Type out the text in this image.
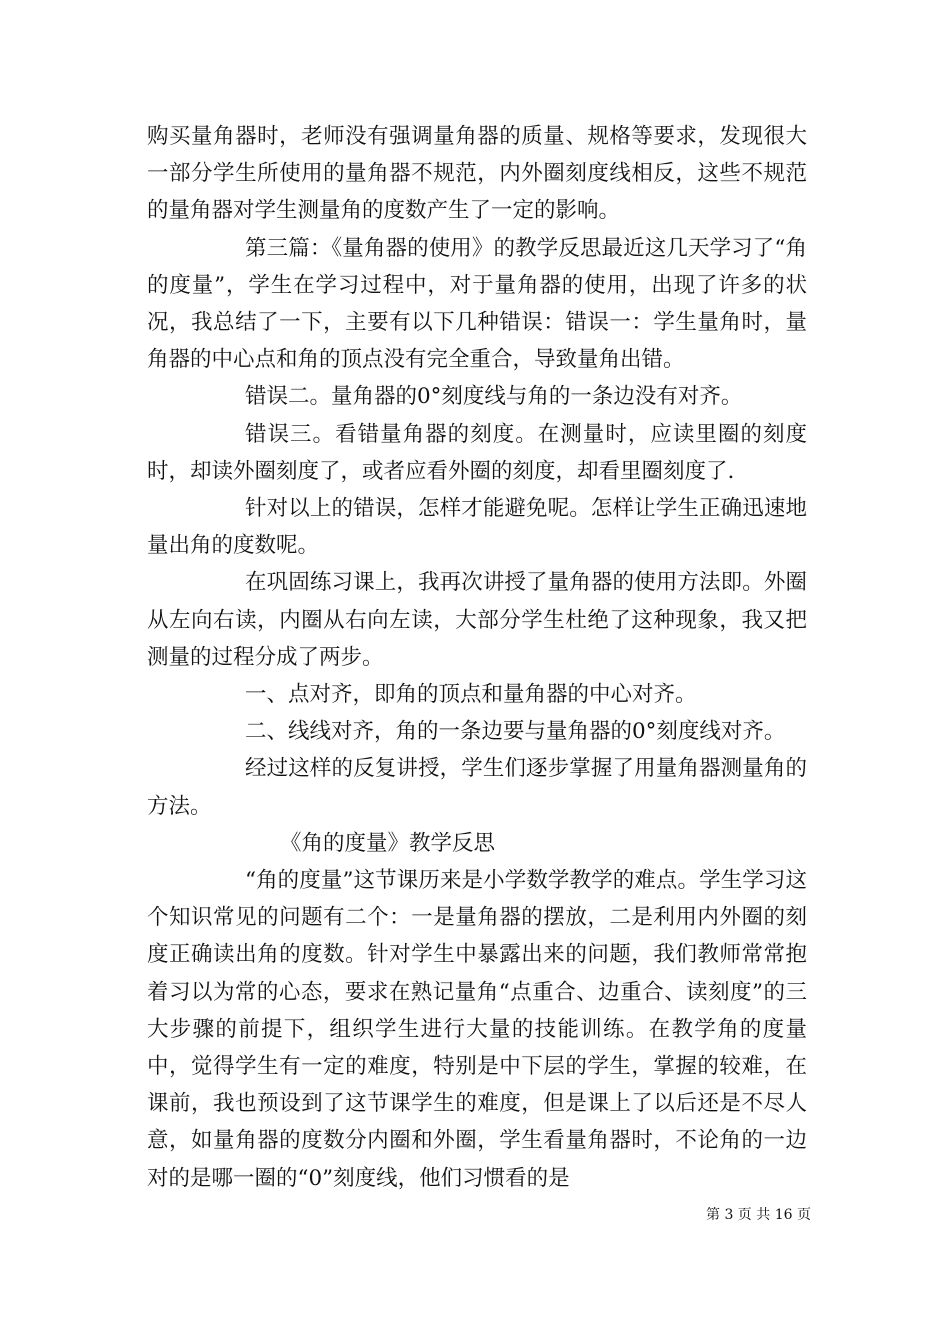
购买量角器时，老师没有强调量角器的质量、规格等要求，发现很大一部分学生所使用的量角器不规范，内外圈刻度线相反，这些不规范的量角器对学生测量角的度数产生了一定的影响。

第三篇：《量角器的使用》的教学反思最近这几天学习了“角的度量”，学生在学习过程中，对于量角器的使用，出现了许多的状况，我总结了一下，主要有以下几种错误：错误一：学生量角时，量角器的中心点和角的顶点没有完全重合，导致量角出错。

错误二。量角器的0°刻度线与角的一条边没有对齐。

错误三。看错量角器的刻度。在测量时，应读里圈的刻度时，却读外圈刻度了，或者应看外圈的刻度，却看里圈刻度了.

针对以上的错误，怎样才能避免呢。怎样让学生正确迅速地量出角的度数呢。

在巩固练习课上，我再次讲授了量角器的使用方法即。外圈从左向右读，内圈从右向左读，大部分学生杜绝了这种现象，我又把测量的过程分成了两步。

一、点对齐，即角的顶点和量角器的中心对齐。

二、线线对齐，角的一条边要与量角器的0°刻度线对齐。

经过这样的反复讲授，学生们逐步掌握了用量角器测量角的方法。

《角的度量》教学反思

“角的度量”这节课历来是小学数学教学的难点。学生学习这个知识常见的问题有二个：一是量角器的摆放，二是利用内外圈的刻度正确读出角的度数。针对学生中暴露出来的问题，我们教师常常抱着习以为常的心态，要求在熟记量角“点重合、边重合、读刻度”的三大步骤的前提下，组织学生进行大量的技能训练。在教学角的度量中，觉得学生有一定的难度，特别是中下层的学生，掌握的较难，在课前，我也预设到了这节课学生的难度，但是课上了以后还是不尽人意，如量角器的度数分内圈和外圈，学生看量角器时，不论角的一边对的是哪一圈的“0”刻度线，他们习惯看的是

第 3 页 共 16 页
